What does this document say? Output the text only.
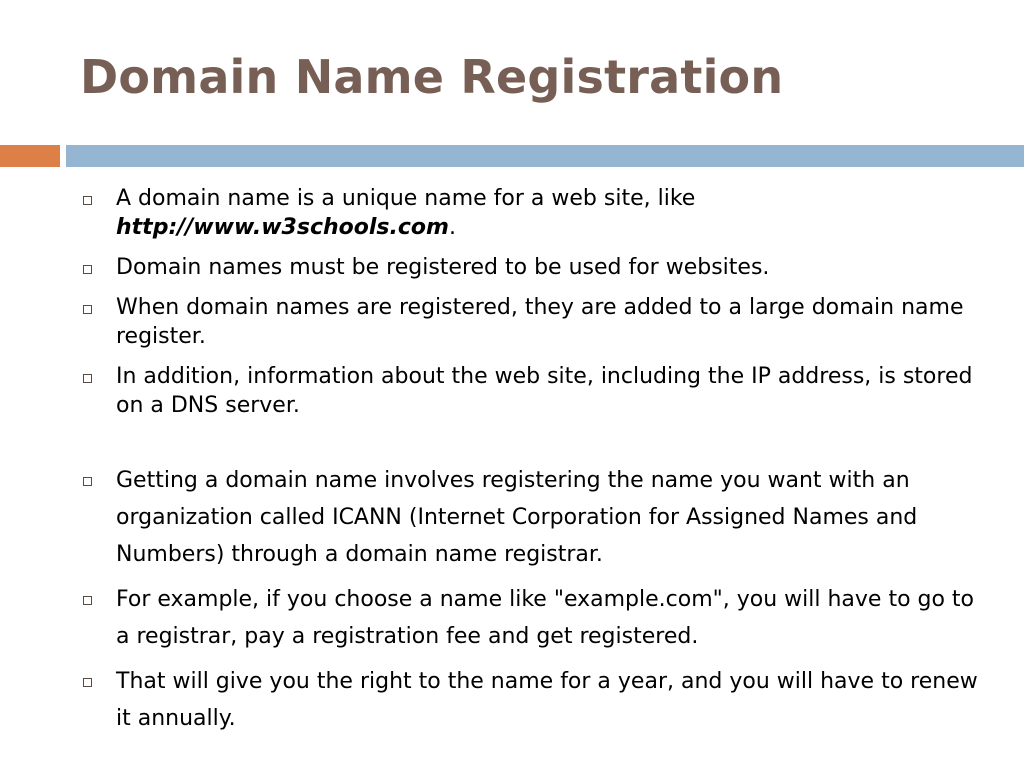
Domain Name Registration
A domain name is a unique name for a web site, like
http://www.w3schools.com.
Domain names must be registered to be used for websites.
When domain names are registered, they are added to a large domain name register.
In addition, information about the web site, including the IP address, is stored on a DNS server.
Getting a domain name involves registering the name you want with an organization called ICANN (Internet Corporation for Assigned Names and Numbers) through a domain name registrar.
For example, if you choose a name like "example.com", you will have to go to a registrar, pay a registration fee and get registered.
That will give you the right to the name for a year, and you will have to renew it annually.
